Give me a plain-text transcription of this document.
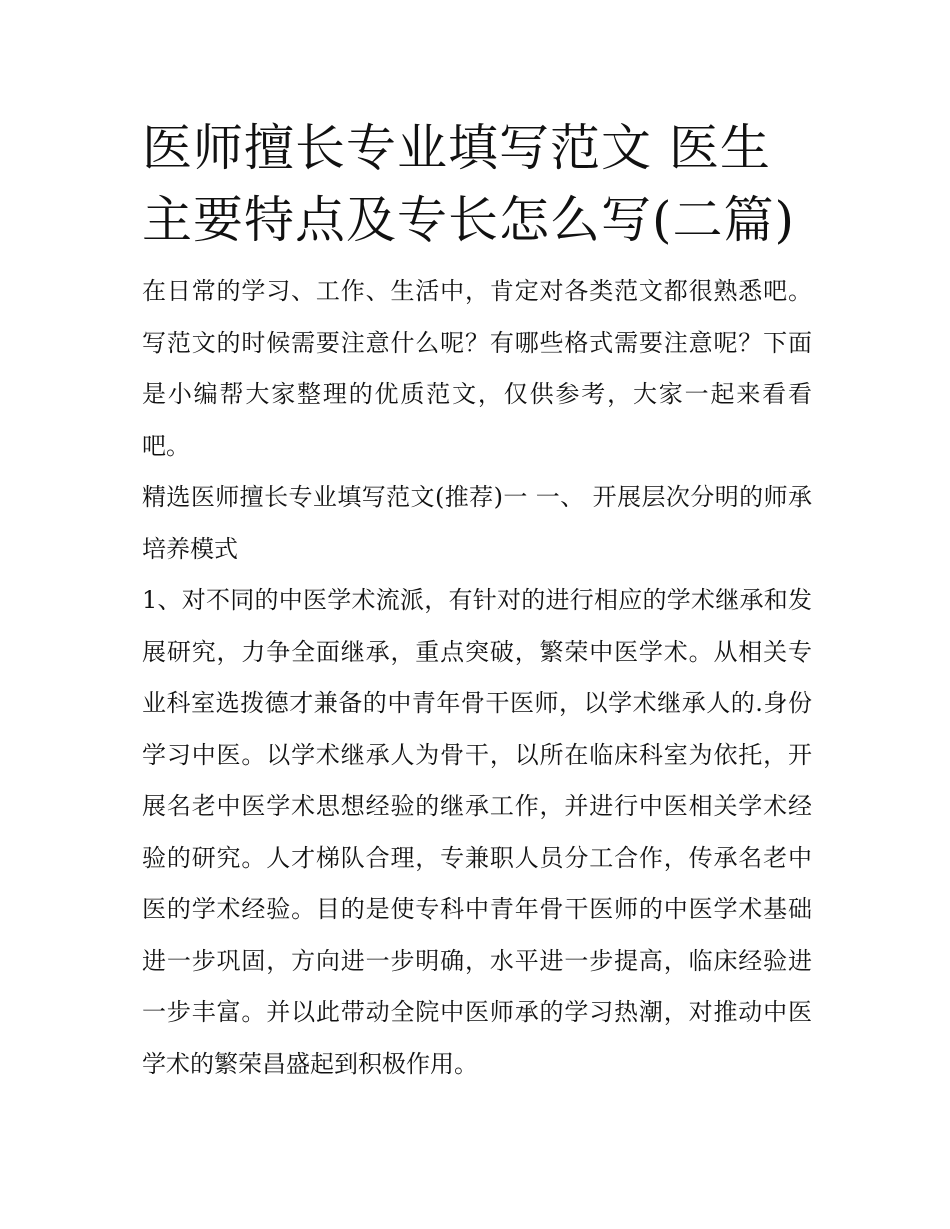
医师擅长专业填写范文 医生主要特点及专长怎么写(二篇)

在日常的学习、工作、生活中，肯定对各类范文都很熟悉吧。写范文的时候需要注意什么呢？有哪些格式需要注意呢？下面是小编帮大家整理的优质范文，仅供参考，大家一起来看看吧。

精选医师擅长专业填写范文(推荐)一 一、 开展层次分明的师承培养模式

1、对不同的中医学术流派，有针对的进行相应的学术继承和发展研究，力争全面继承，重点突破，繁荣中医学术。从相关专业科室选拨德才兼备的中青年骨干医师，以学术继承人的.身份学习中医。以学术继承人为骨干，以所在临床科室为依托，开展名老中医学术思想经验的继承工作，并进行中医相关学术经验的研究。人才梯队合理，专兼职人员分工合作，传承名老中医的学术经验。目的是使专科中青年骨干医师的中医学术基础进一步巩固，方向进一步明确，水平进一步提高，临床经验进一步丰富。并以此带动全院中医师承的学习热潮，对推动中医学术的繁荣昌盛起到积极作用。
